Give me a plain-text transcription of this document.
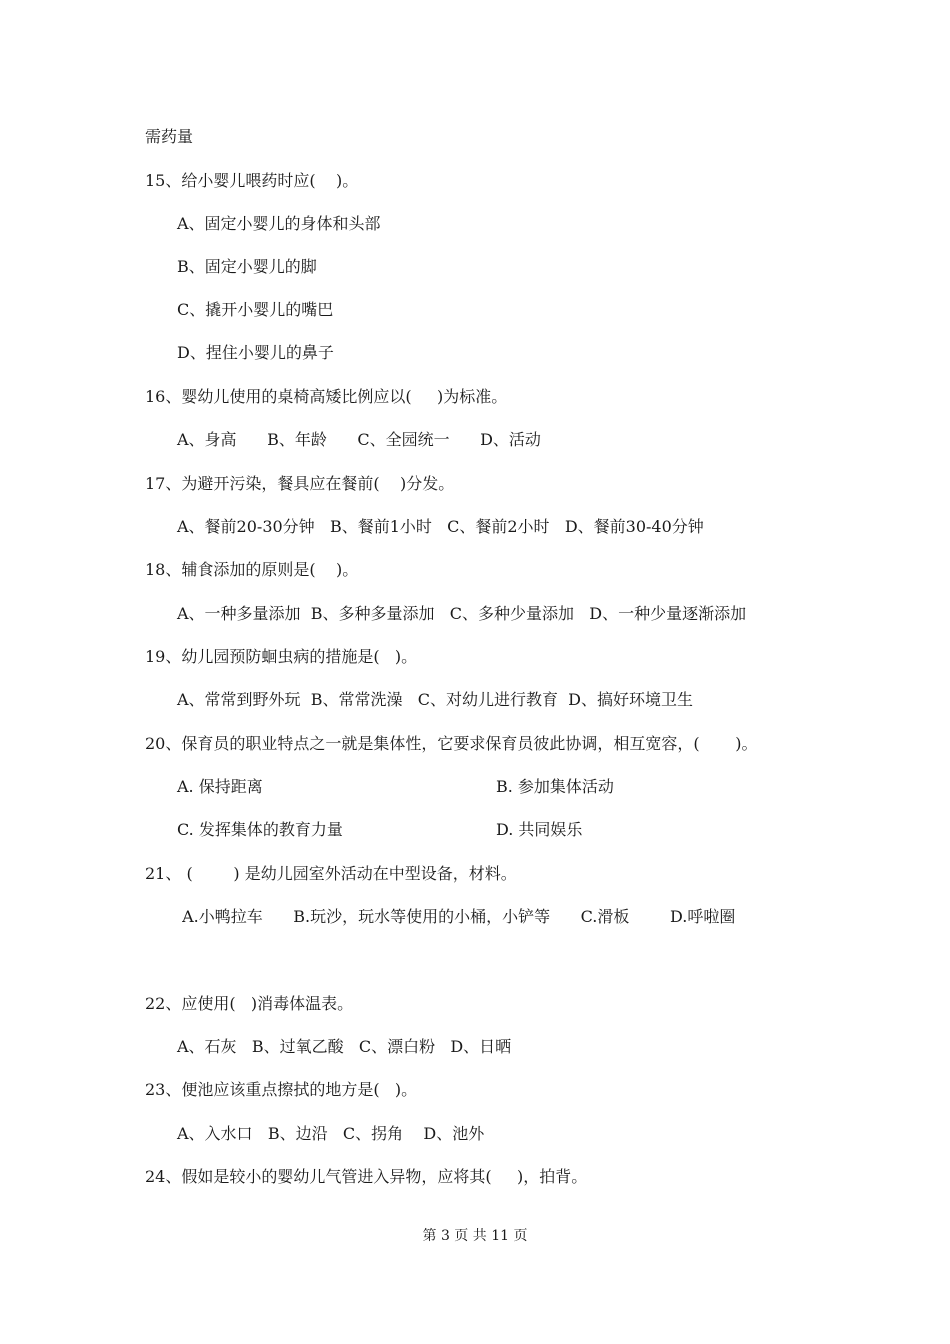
需药量
15、给小婴儿喂药时应(    )。
A、固定小婴儿的身体和头部
B、固定小婴儿的脚
C、撬开小婴儿的嘴巴
D、捏住小婴儿的鼻子
16、婴幼儿使用的桌椅高矮比例应以(     )为标准。
A、身高      B、年龄      C、全园统一      D、活动
17、为避开污染，餐具应在餐前(    )分发。
A、餐前20-30分钟   B、餐前1小时   C、餐前2小时   D、餐前30-40分钟
18、辅食添加的原则是(    )。
A、一种多量添加  B、多种多量添加   C、多种少量添加   D、一种少量逐渐添加
19、幼儿园预防蛔虫病的措施是(   )。
A、常常到野外玩  B、常常洗澡   C、对幼儿进行教育  D、搞好环境卫生
20、保育员的职业特点之一就是集体性，它要求保育员彼此协调，相互宽容，(       )。
A. 保持距离	B. 参加集体活动
C. 发挥集体的教育力量	D. 共同娱乐
21、 (        ) 是幼儿园室外活动在中型设备，材料。
A.小鸭拉车      B.玩沙，玩水等使用的小桶，小铲等      C.滑板        D.呼啦圈
22、应使用(   )消毒体温表。
A、石灰   B、过氧乙酸   C、漂白粉   D、日晒
23、便池应该重点擦拭的地方是(   )。
A、入水口   B、边沿   C、拐角    D、池外
24、假如是较小的婴幼儿气管进入异物，应将其(     )，拍背。
第 3 页 共 11 页
